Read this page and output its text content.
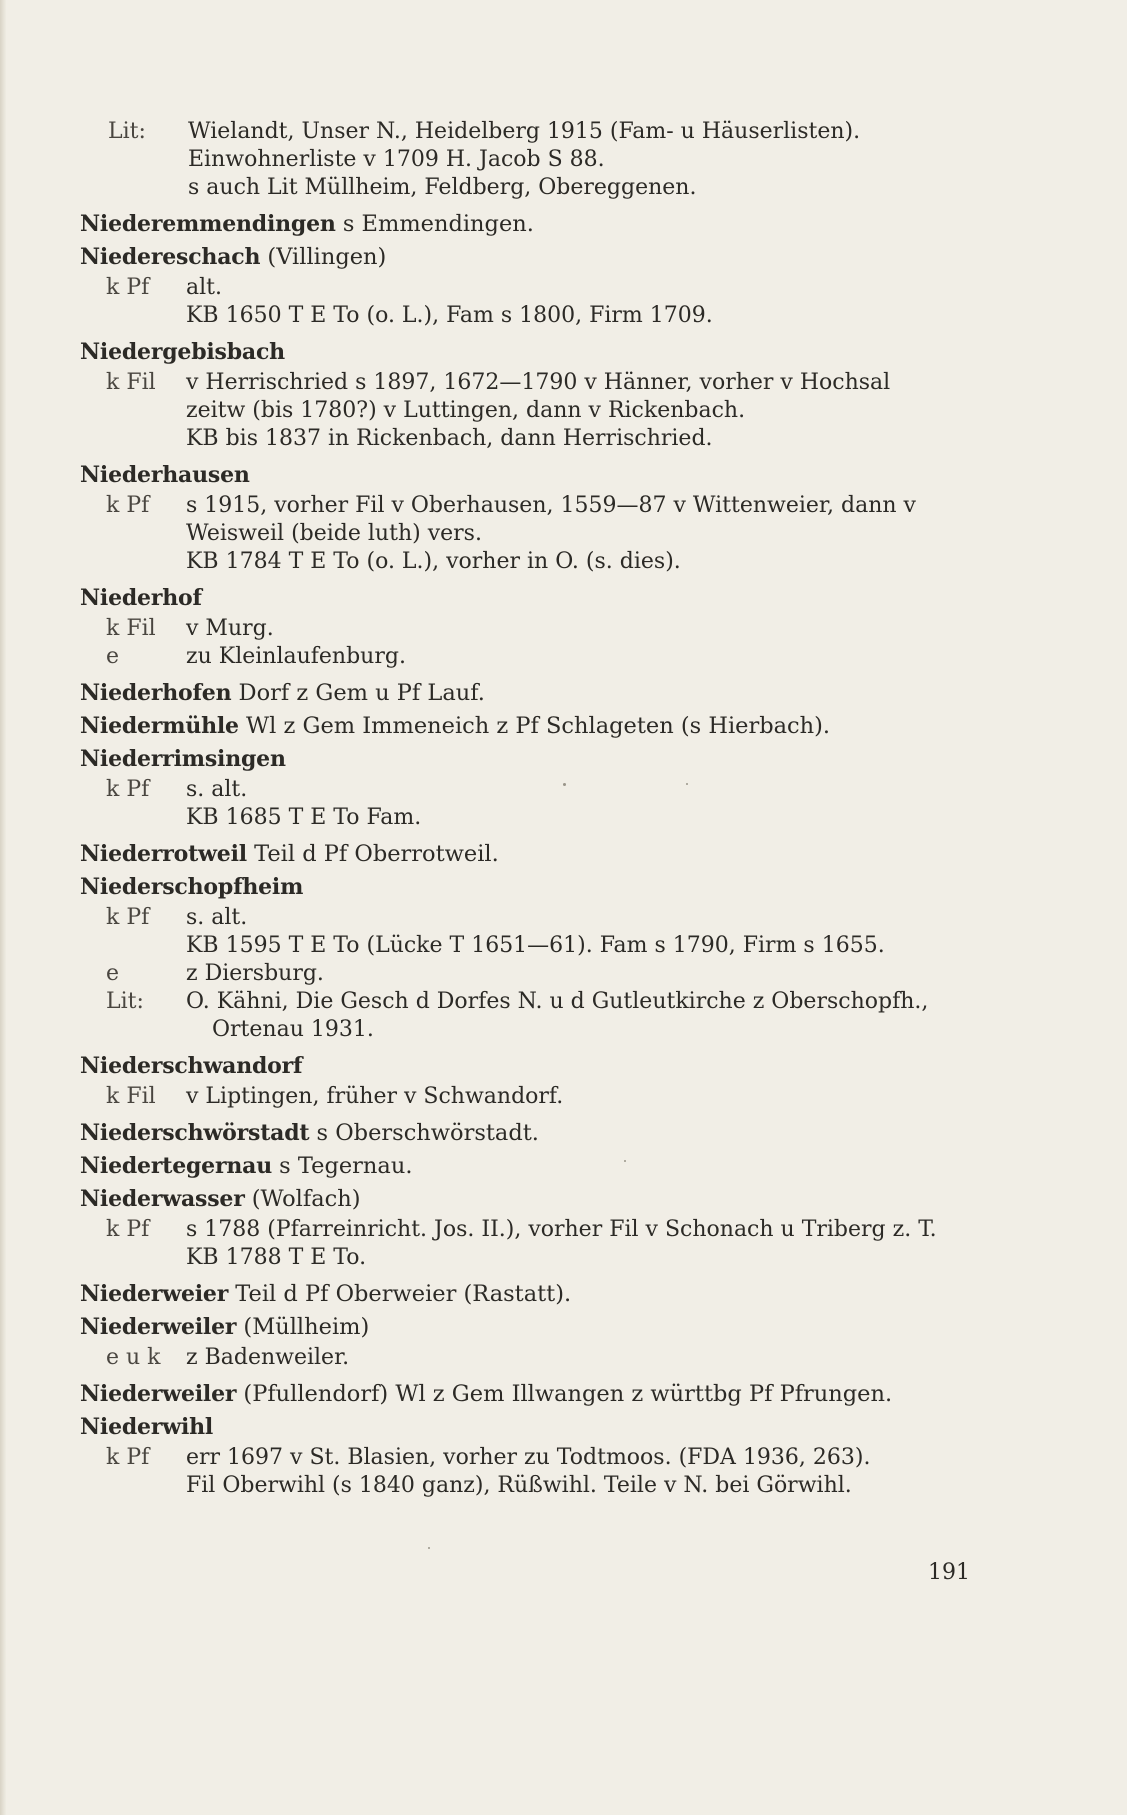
Lit:	Wielandt, Unser N., Heidelberg 1915 (Fam- u Häuserlisten).
Einwohnerliste v 1709 H. Jacob S 88.
s auch Lit Müllheim, Feldberg, Obereggenen.
Niederemmendingen s Emmendingen.
Niedereschach (Villingen)
k Pf	alt.
KB 1650 T E To (o. L.), Fam s 1800, Firm 1709.
Niedergebisbach
k Fil	v Herrischried s 1897, 1672—1790 v Hänner, vorher v Hochsal
zeitw (bis 1780?) v Luttingen, dann v Rickenbach.
KB bis 1837 in Rickenbach, dann Herrischried.
Niederhausen
k Pf	s 1915, vorher Fil v Oberhausen, 1559—87 v Wittenweier, dann v
Weisweil (beide luth) vers.
KB 1784 T E To (o. L.), vorher in O. (s. dies).
Niederhof
k Fil	v Murg.
e	zu Kleinlaufenburg.
Niederhofen Dorf z Gem u Pf Lauf.
Niedermühle Wl z Gem Immeneich z Pf Schlageten (s Hierbach).
Niederrimsingen
k Pf	s. alt.
KB 1685 T E To Fam.
Niederrotweil Teil d Pf Oberrotweil.
Niederschopfheim
k Pf	s. alt.
KB 1595 T E To (Lücke T 1651—61). Fam s 1790, Firm s 1655.
e	z Diersburg.
Lit:	O. Kähni, Die Gesch d Dorfes N. u d Gutleutkirche z Oberschopfh.,
Ortenau 1931.
Niederschwandorf
k Fil	v Liptingen, früher v Schwandorf.
Niederschwörstadt s Oberschwörstadt.
Niedertegernau s Tegernau.
Niederwasser (Wolfach)
k Pf	s 1788 (Pfarreinricht. Jos. II.), vorher Fil v Schonach u Triberg z. T.
KB 1788 T E To.
Niederweier Teil d Pf Oberweier (Rastatt).
Niederweiler (Müllheim)
e u k	z Badenweiler.
Niederweiler (Pfullendorf) Wl z Gem Illwangen z württbg Pf Pfrungen.
Niederwihl
k Pf	err 1697 v St. Blasien, vorher zu Todtmoos. (FDA 1936, 263).
Fil Oberwihl (s 1840 ganz), Rüßwihl. Teile v N. bei Görwihl.
191
